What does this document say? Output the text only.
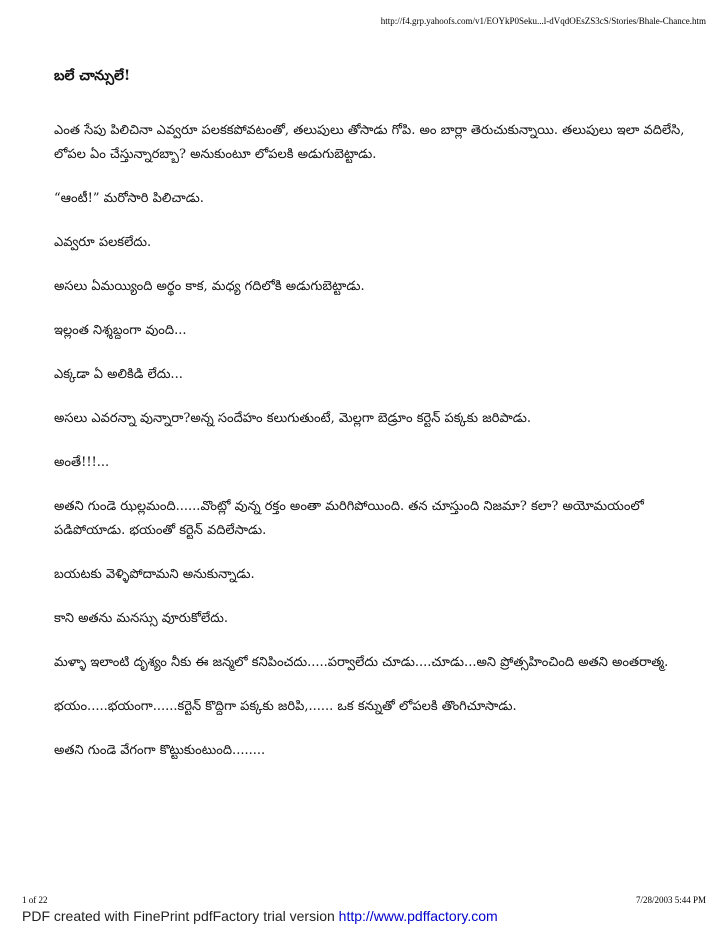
http://f4.grp.yahoofs.com/v1/EOYkP0Seku...l-dVqdOEsZS3cS/Stories/Bhale-Chance.htm
బలే చాన్సులే!

ఎంత సేపు పిలిచినా ఎవ్వరూ పలకకపోవటంతో, తలుపులు తోసాడు గోపి. అం బార్లా తెరుచుకున్నాయి. తలుపులు ఇలా వదిలేసి, లోపల ఏం చేస్తున్నారబ్బా? అనుకుంటూ లోపలకి అడుగుబెట్టాడు.

“ఆంటీ!” మరోసారి పిలిచాడు.

ఎవ్వరూ పలకలేదు.

అసలు ఏమయ్యింది అర్థం కాక, మధ్య గదిలోకి అడుగుబెట్టాడు.

ఇల్లంత నిశ్శబ్దంగా వుంది...

ఎక్కడా ఏ అలికిడి లేదు...

అసలు ఎవరన్నా వున్నారా?అన్న సందేహం కలుగుతుంటే, మెల్లగా బెడ్రూం కర్టెన్ పక్కకు జరిపాడు.

అంతే!!!...

అతని గుండె ఝల్లమంది......వొంట్లో వున్న రక్తం అంతా మరిగిపోయింది. తన చూస్తుంది నిజమా? కలా? అయోమయంలో పడిపోయాడు. భయంతో కర్టెన్ వదిలేసాడు.

బయటకు వెళ్ళిపోదామని అనుకున్నాడు.

కాని అతను మనస్సు వూరుకోలేదు.

మళ్ళా ఇలాంటి దృశ్యం నీకు ఈ జన్మలో కనిపించదు.....పర్వాలేదు చూడు....చూడు...అని ప్రోత్సహించింది అతని అంతరాత్మ.

భయం.....భయంగా......కర్టెన్ కొద్దిగా పక్కకు జరిపి,...... ఒక కన్నుతో లోపలకి తొంగిచూసాడు.

అతని గుండె వేగంగా కొట్టుకుంటుంది........

1 of 22	7/28/2003 5:44 PM
PDF created with FinePrint pdfFactory trial version http://www.pdffactory.com
